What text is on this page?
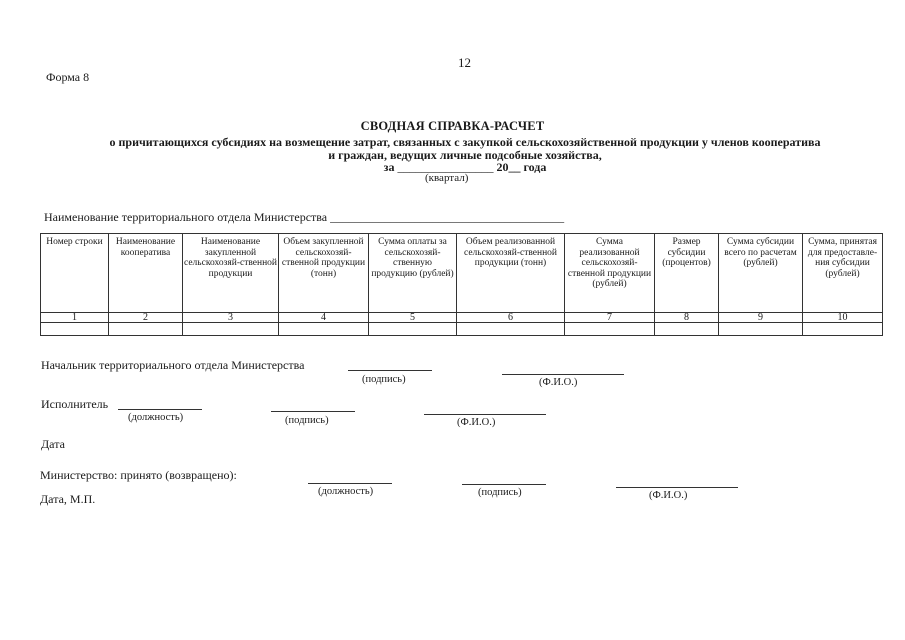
12
Форма 8
СВОДНАЯ СПРАВКА-РАСЧЕТ
о причитающихся субсидиях на возмещение затрат, связанных с закупкой сельскохозяйственной продукции у членов кооператива
и граждан, ведущих личные подсобные хозяйства,
за ________________ 20__ года
(квартал)
Наименование территориального отдела Министерства _______________________________________
Номер строки	Наименование кооператива	Наименование закупленной сельскохозяй-ственной продукции	Объем закупленной сельскохозяй-ственной продукции (тонн)	Сумма оплаты за сельскохозяй-ственную продукцию (рублей)	Объем реализованной сельскохозяй-ственной продукции (тонн)	Сумма реализованной сельскохозяй-ственной продукции (рублей)	Размер субсидии (процентов)	Сумма субсидии всего по расчетам (рублей)	Сумма, принятая для предоставле-ния субсидии (рублей)
1	2	3	4	5	6	7	8	9	10

Начальник территориального отдела Министерства
(подпись)	(Ф.И.О.)
Исполнитель
(должность)	(подпись)	(Ф.И.О.)
Дата
Министерство: принято (возвращено):
(должность)	(подпись)	(Ф.И.О.)
Дата, М.П.
